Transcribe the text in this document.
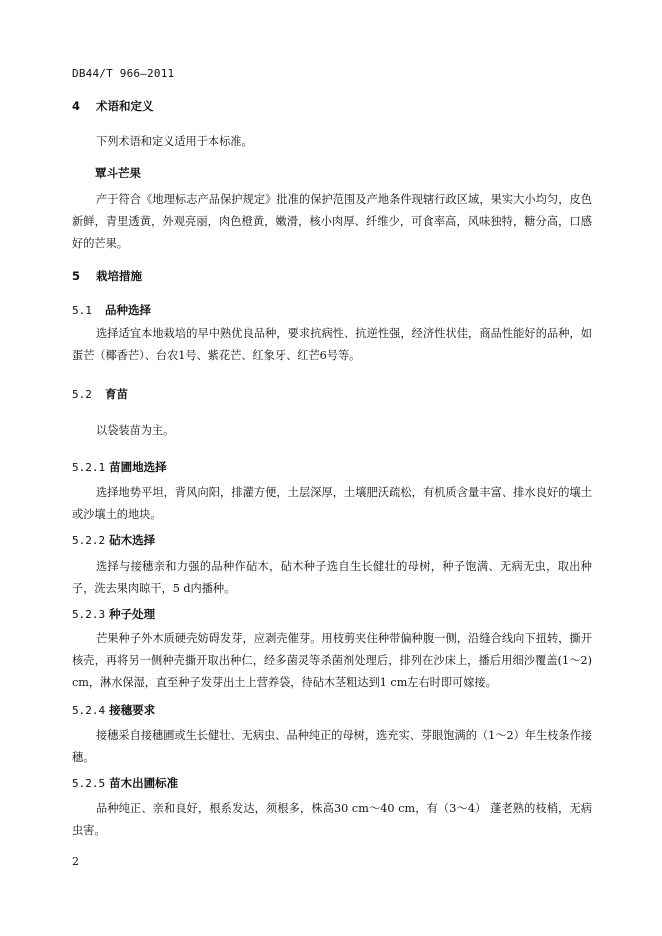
DB44/T 966—2011
4 术语和定义
下列术语和定义适用于本标准。
覃斗芒果
产于符合《地理标志产品保护规定》批准的保护范围及产地条件现辖行政区域，果实大小均匀，皮色新鲜，青里透黄，外观亮丽，肉色橙黄，嫩滑，核小肉厚、纤维少，可食率高，风味独特，糖分高，口感好的芒果。
5 栽培措施
5.1 品种选择
选择适宜本地栽培的早中熟优良品种，要求抗病性、抗逆性强，经济性状佳，商品性能好的品种，如蛋芒（椰香芒）、台农1号、紫花芒、红象牙、红芒6号等。
5.2 育苗
以袋装苗为主。
5.2.1 苗圃地选择
选择地势平坦，背风向阳，排灌方便，土层深厚，土壤肥沃疏松，有机质含量丰富、排水良好的壤土或沙壤土的地块。
5.2.2 砧木选择
选择与接穗亲和力强的品种作砧木，砧木种子选自生长健壮的母树，种子饱满、无病无虫，取出种子，洗去果肉晾干，5 d内播种。
5.2.3 种子处理
芒果种子外木质硬壳妨碍发芽，应剥壳催芽。用枝剪夹住种带偏种腹一侧，沿缝合线向下扭转，撕开核壳，再将另一侧种壳撕开取出种仁，经多菌灵等杀菌剂处理后，排列在沙床上，播后用细沙覆盖(1～2) cm，淋水保湿，直至种子发芽出土上营养袋，待砧木茎粗达到1 cm左右时即可嫁接。
5.2.4 接穗要求
接穗采自接穗圃或生长健壮、无病虫、品种纯正的母树，选充实、芽眼饱满的（1～2）年生枝条作接穗。
5.2.5 苗木出圃标准
品种纯正、亲和良好，根系发达，须根多，株高30 cm～40 cm，有（3～4） 蓬老熟的枝梢，无病虫害。
2
